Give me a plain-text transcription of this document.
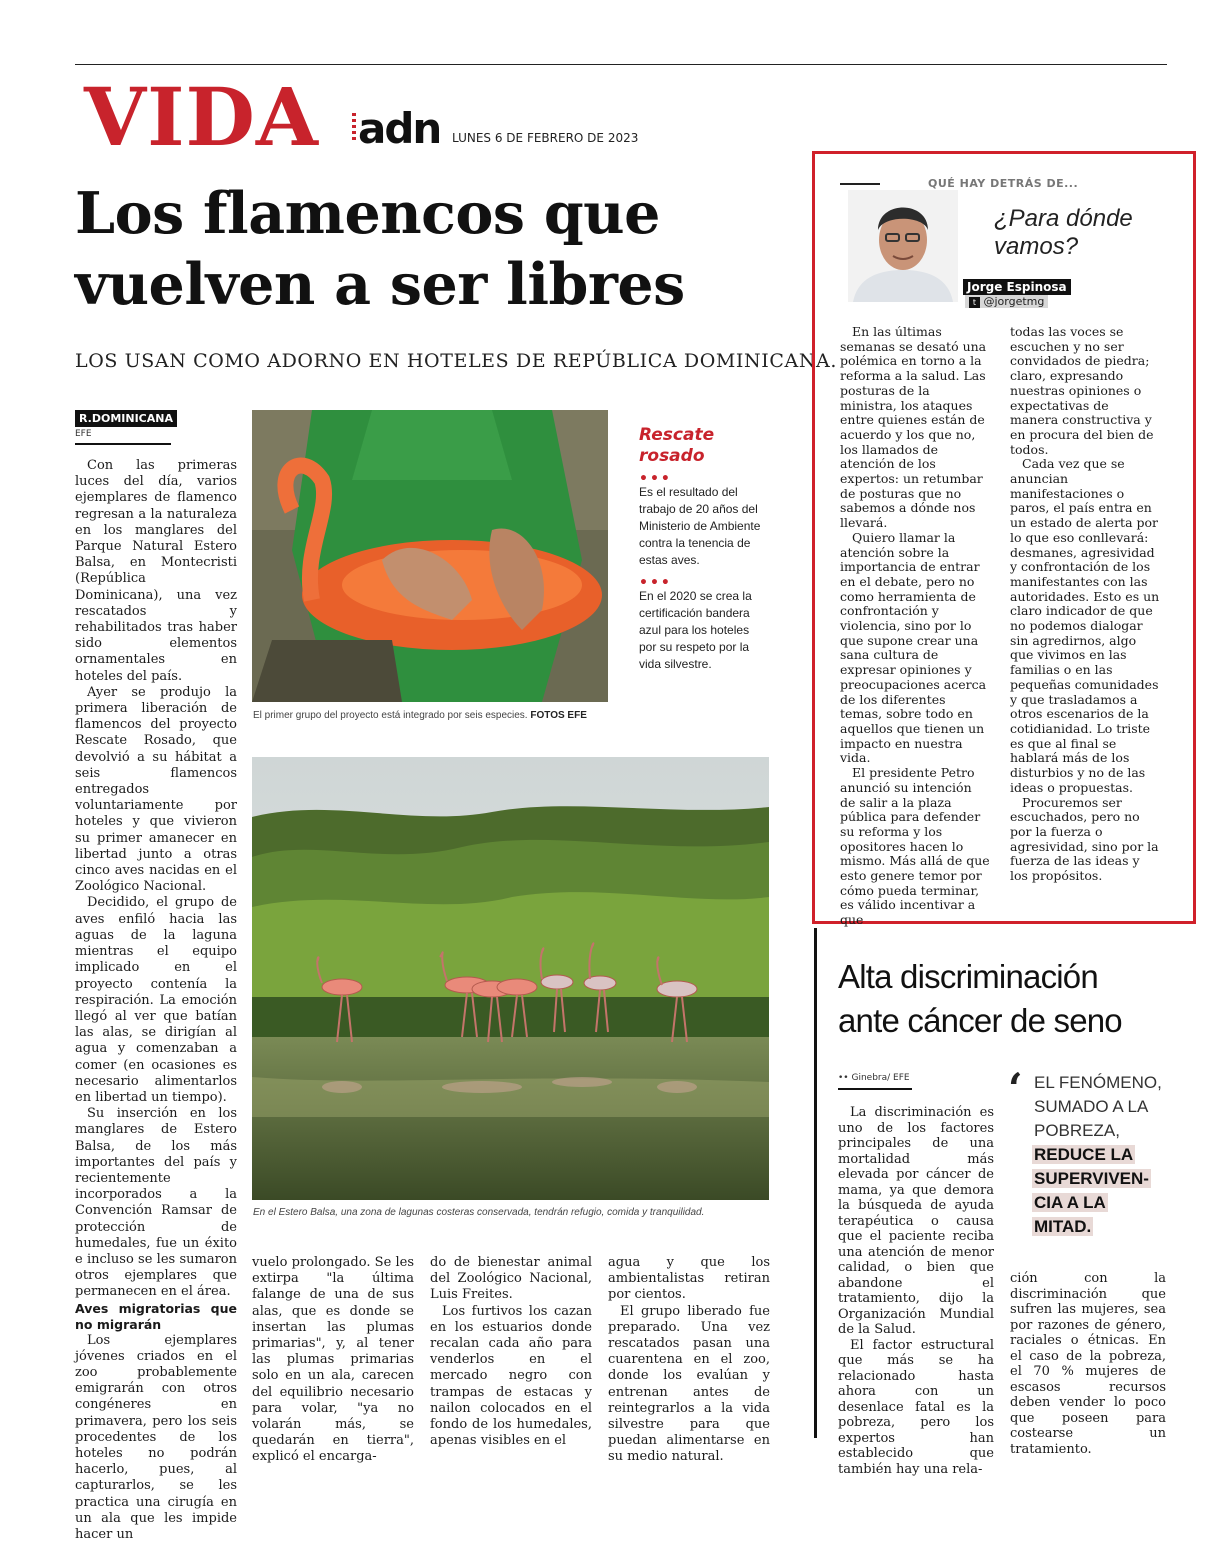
VIDA adn LUNES 6 DE FEBRERO DE 2023
Los flamencos que
vuelven a ser libres
LOS USAN COMO ADORNO EN HOTELES DE REPÚBLICA DOMINICANA.
R.DOMINICANA
EFE

Con las primeras luces del día, varios ejemplares de flamenco regresan a la naturaleza en los manglares del Parque Natural Estero Balsa, en Montecristi (República Dominicana), una vez rescatados y rehabilitados tras haber sido elementos ornamentales en hoteles del país.

Ayer se produjo la primera liberación de flamencos del proyecto Rescate Rosado, que devolvió a su hábitat a seis flamencos entregados voluntariamente por hoteles y que vivieron su primer amanecer en libertad junto a otras cinco aves nacidas en el Zoológico Nacional.

Decidido, el grupo de aves enfiló hacia las aguas de la laguna mientras el equipo implicado en el proyecto contenía la respiración. La emoción llegó al ver que batían las alas, se dirigían al agua y comenzaban a comer (en ocasiones es necesario alimentarlos en libertad un tiempo).

Su inserción en los manglares de Estero Balsa, de los más importantes del país y recientemente incorporados a la Convención Ramsar de protección de humedales, fue un éxito e incluso se les sumaron otros ejemplares que permanecen en el área.

Aves migratorias que no migrarán

Los ejemplares jóvenes criados en el zoo probablemente emigrarán con otros congéneres en primavera, pero los seis procedentes de los hoteles no podrán hacerlo, pues, al capturarlos, se les practica una cirugía en un ala que les impide hacer un

El primer grupo del proyecto está integrado por seis especies. FOTOS EFE
Rescate
rosado
•••
Es el resultado del trabajo de 20 años del Ministerio de Ambiente contra la tenencia de estas aves.
•••
En el 2020 se crea la certificación bandera azul para los hoteles por su respeto por la vida silvestre.
En el Estero Balsa, una zona de lagunas costeras conservada, tendrán refugio, comida y tranquilidad.

vuelo prolongado. Se les extirpa "la última falange de una de sus alas, que es donde se insertan las plumas primarias", y, al tener las plumas primarias solo en un ala, carecen del equilibrio necesario para volar, "ya no volarán más, se quedarán en tierra", explicó el encarga-

do de bienestar animal del Zoológico Nacional, Luis Freites.

Los furtivos los cazan en los estuarios donde recalan cada año para venderlos en el mercado negro con trampas de estacas y nailon colocados en el fondo de los humedales, apenas visibles en el

agua y que los ambientalistas retiran por cientos.

El grupo liberado fue preparado. Una vez rescatados pasan una cuarentena en el zoo, donde los evalúan y entrenan antes de reintegrarlos a la vida silvestre para que puedan alimentarse en su medio natural.

QUÉ HAY DETRÁS DE...
¿Para dónde
vamos?
Jorge Espinosa
t @jorgetmg

En las últimas semanas se desató una polémica en torno a la reforma a la salud. Las posturas de la ministra, los ataques entre quienes están de acuerdo y los que no, los llamados de atención de los expertos: un retumbar de posturas que no sabemos a dónde nos llevará.

Quiero llamar la atención sobre la importancia de entrar en el debate, pero no como herramienta de confrontación y violencia, sino por lo que supone crear una sana cultura de expresar opiniones y preocupaciones acerca de los diferentes temas, sobre todo en aquellos que tienen un impacto en nuestra vida.

El presidente Petro anunció su intención de salir a la plaza pública para defender su reforma y los opositores hacen lo mismo. Más allá de que esto genere temor por cómo pueda terminar, es válido incentivar a que

todas las voces se escuchen y no ser convidados de piedra; claro, expresando nuestras opiniones o expectativas de manera constructiva y en procura del bien de todos.

Cada vez que se anuncian manifestaciones o paros, el país entra en un estado de alerta por lo que eso conllevará: desmanes, agresividad y confrontación de los manifestantes con las autoridades. Esto es un claro indicador de que no podemos dialogar sin agredirnos, algo que vivimos en las familias o en las pequeñas comunidades y que trasladamos a otros escenarios de la cotidianidad. Lo triste es que al final se hablará más de los disturbios y no de las ideas o propuestas.

Procuremos ser escuchados, pero no por la fuerza o agresividad, sino por la fuerza de las ideas y los propósitos.

Alta discriminación
ante cáncer de seno
•• Ginebra/ EFE

La discriminación es uno de los factores principales de una mortalidad más elevada por cáncer de mama, ya que demora la búsqueda de ayuda terapéutica o causa que el paciente reciba una atención de menor calidad, o bien que abandone el tratamiento, dijo la Organización Mundial de la Salud.

El factor estructural que más se ha relacionado hasta ahora con un desenlace fatal es la pobreza, pero los expertos han establecido que también hay una rela-

‘ EL FENÓMENO,
SUMADO A LA
POBREZA,
REDUCE LA
SUPERVIVEN-
CIA A LA
MITAD.

ción con la discriminación que sufren las mujeres, sea por razones de género, raciales o étnicas. En el caso de la pobreza, el 70 % mujeres de escasos recursos deben vender lo poco que poseen para costearse un tratamiento.
